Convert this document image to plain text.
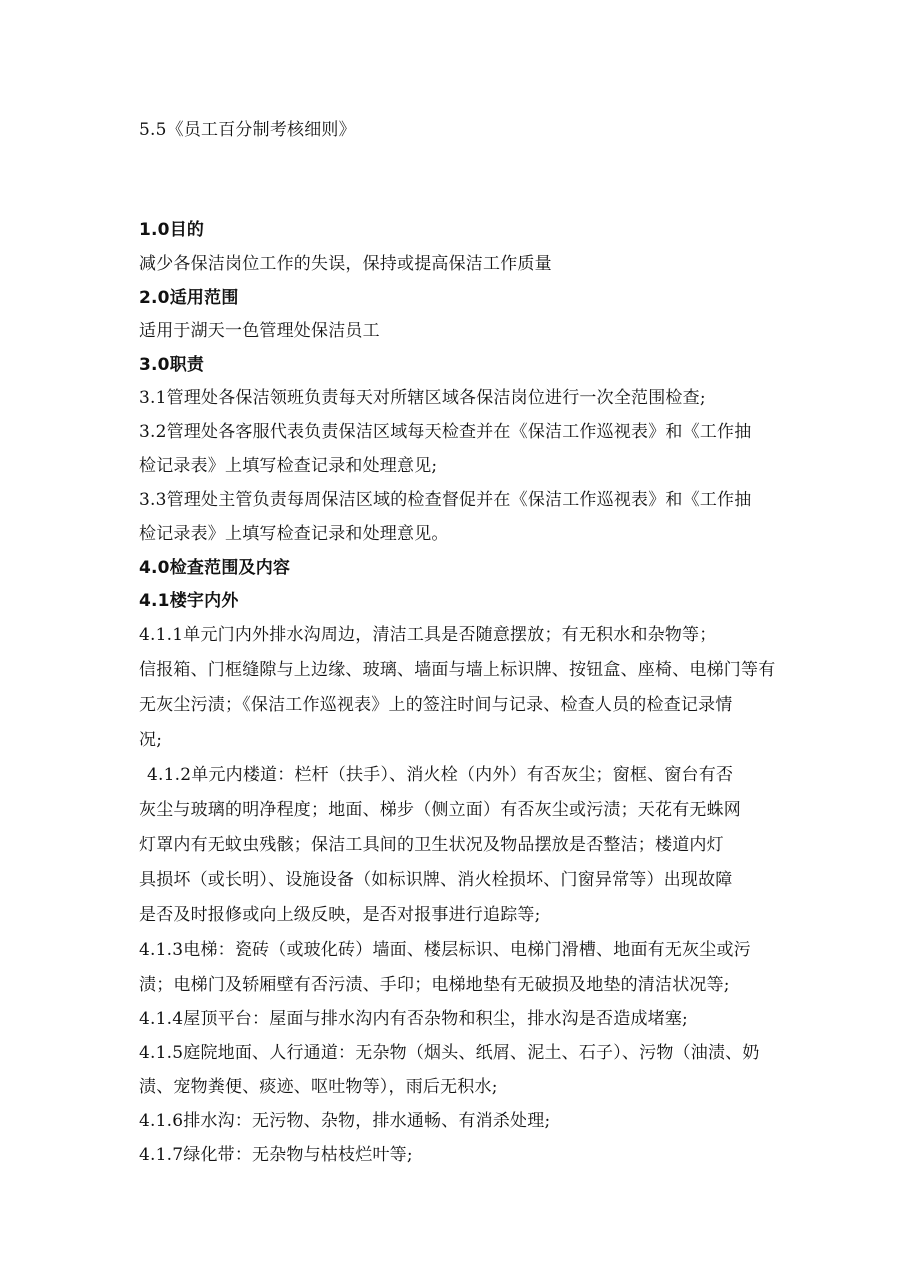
5.5《员工百分制考核细则》
1.0目的
减少各保洁岗位工作的失误，保持或提高保洁工作质量
2.0适用范围
适用于湖天一色管理处保洁员工
3.0职责
3.1管理处各保洁领班负责每天对所辖区域各保洁岗位进行一次全范围检查;
3.2管理处各客服代表负责保洁区域每天检查并在《保洁工作巡视表》和《工作抽
检记录表》上填写检查记录和处理意见;
3.3管理处主管负责每周保洁区域的检查督促并在《保洁工作巡视表》和《工作抽
检记录表》上填写检查记录和处理意见。
4.0检查范围及内容
4.1楼宇内外
4.1.1单元门内外排水沟周边，清洁工具是否随意摆放；有无积水和杂物等；
信报箱、门框缝隙与上边缘、玻璃、墙面与墙上标识牌、按钮盒、座椅、电梯门等有
无灰尘污渍；《保洁工作巡视表》上的签注时间与记录、检查人员的检查记录情
况;
4.1.2单元内楼道：栏杆（扶手）、消火栓（内外）有否灰尘；窗框、窗台有否
灰尘与玻璃的明净程度；地面、梯步（侧立面）有否灰尘或污渍；天花有无蛛网
灯罩内有无蚊虫残骸；保洁工具间的卫生状况及物品摆放是否整洁；楼道内灯
具损坏（或长明）、设施设备（如标识牌、消火栓损坏、门窗异常等）出现故障
是否及时报修或向上级反映，是否对报事进行追踪等;
4.1.3电梯：瓷砖（或玻化砖）墙面、楼层标识、电梯门滑槽、地面有无灰尘或污
渍；电梯门及轿厢壁有否污渍、手印；电梯地垫有无破损及地垫的清洁状况等;
4.1.4屋顶平台：屋面与排水沟内有否杂物和积尘，排水沟是否造成堵塞;
4.1.5庭院地面、人行通道：无杂物（烟头、纸屑、泥土、石子）、污物（油渍、奶
渍、宠物粪便、痰迹、呕吐物等），雨后无积水;
4.1.6排水沟：无污物、杂物，排水通畅、有消杀处理;
4.1.7绿化带：无杂物与枯枝烂叶等;
